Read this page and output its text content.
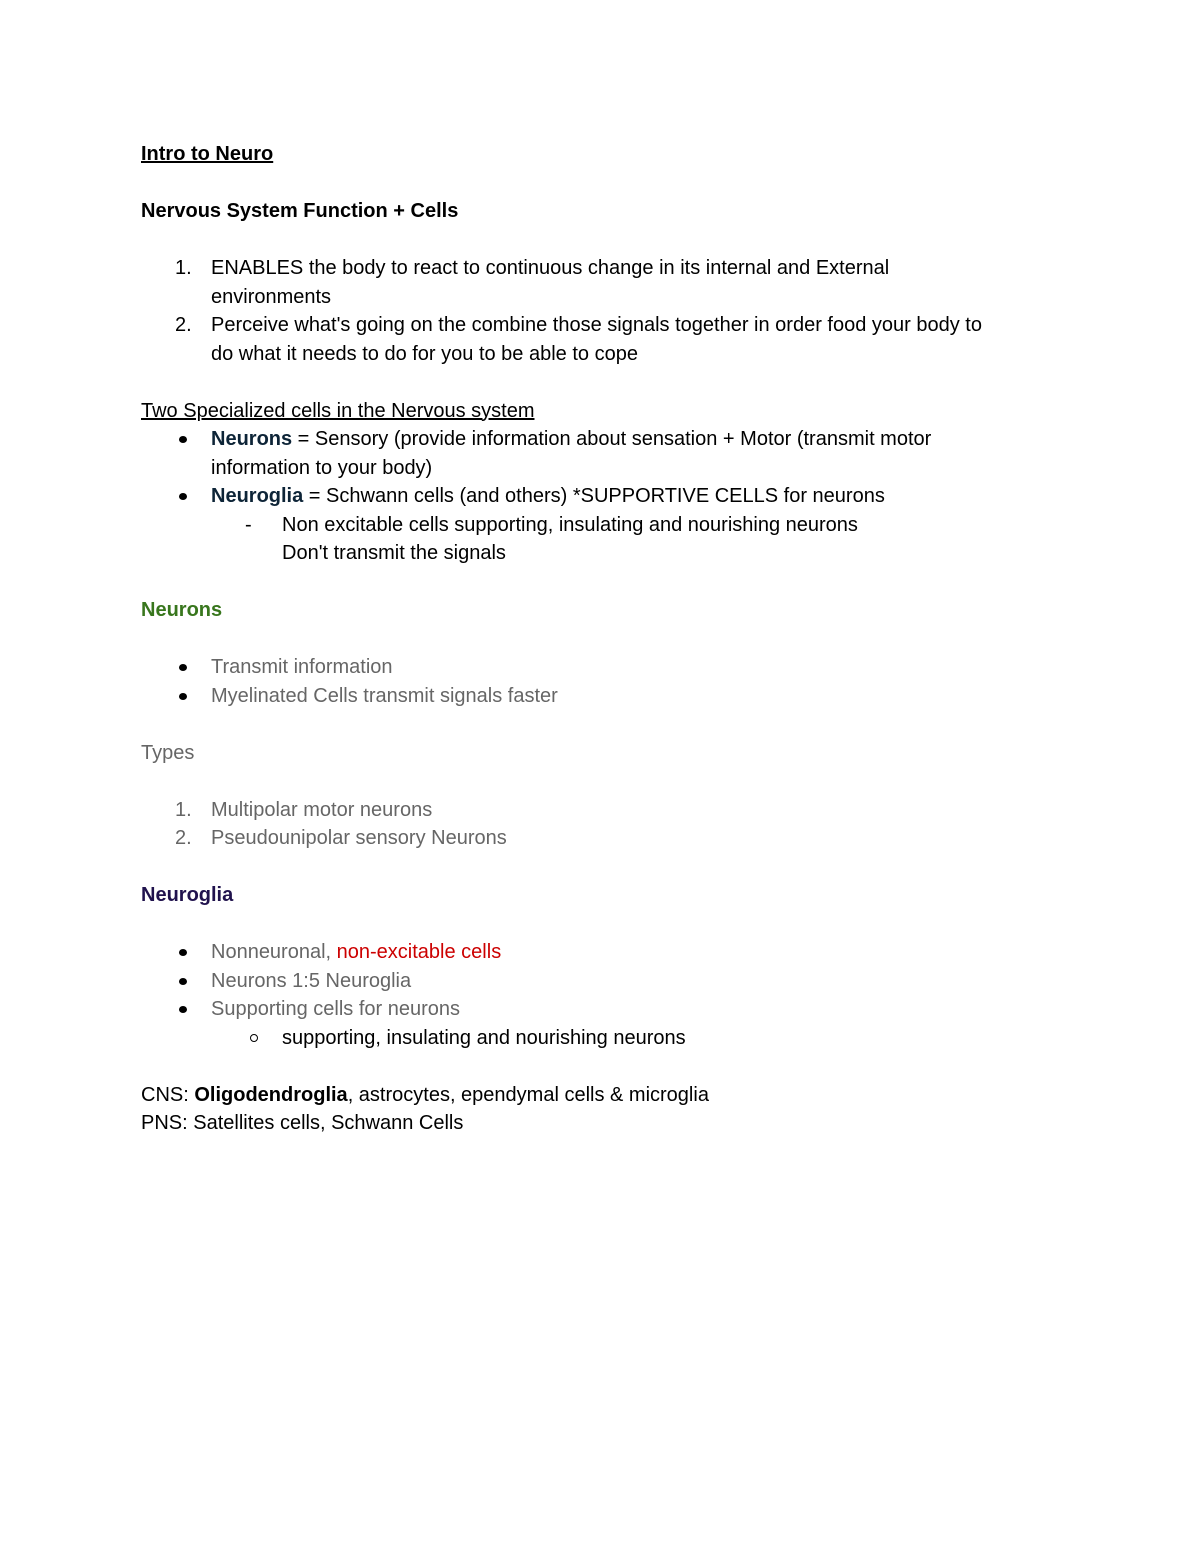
Intro to Neuro
Nervous System Function + Cells
1. ENABLES the body to react to continuous change in its internal and External
environments
2. Perceive what's going on the combine those signals together in order food your body to
do what it needs to do for you to be able to cope
Two Specialized cells in the Nervous system
Neurons = Sensory (provide information about sensation + Motor (transmit motor
information to your body)
Neuroglia = Schwann cells (and others) *SUPPORTIVE CELLS for neurons
- Non excitable cells supporting, insulating and nourishing neurons
Don't transmit the signals
Neurons
Transmit information
Myelinated Cells transmit signals faster
Types
1. Multipolar motor neurons
2. Pseudounipolar sensory Neurons
Neuroglia
Nonneuronal, non-excitable cells
Neurons 1:5 Neuroglia
Supporting cells for neurons
supporting, insulating and nourishing neurons
CNS: Oligodendroglia, astrocytes, ependymal cells & microglia
PNS: Satellites cells, Schwann Cells
